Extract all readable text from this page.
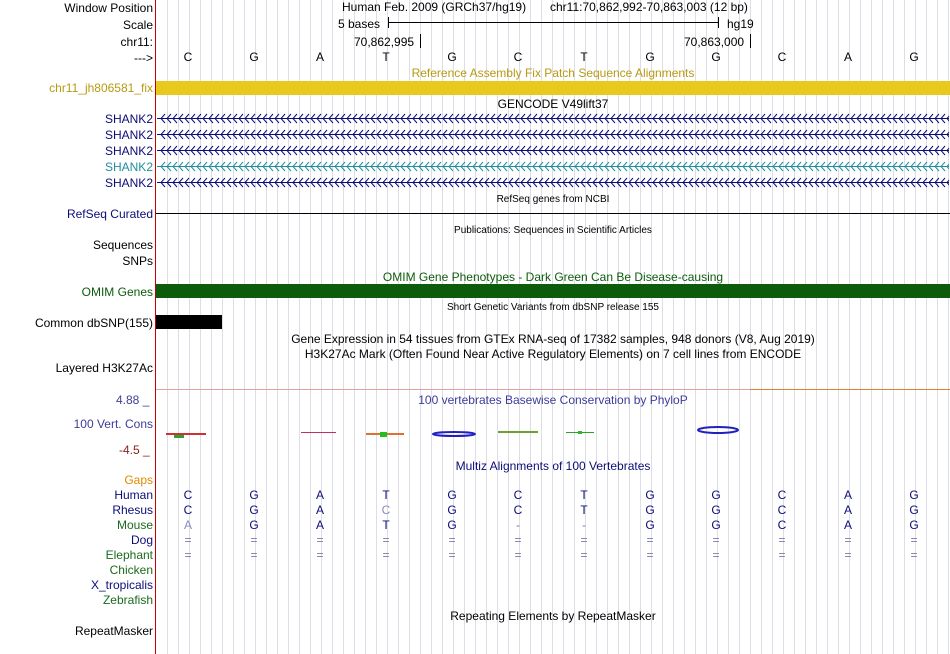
Window Position
Scale
chr11:
--->
Human Feb. 2009 (GRCh37/hg19) chr11:70,862,992-70,863,003 (12 bp)
5 bases	hg19
70,862,995	70,863,000
C	G	A	T	G	C	T	G	G	C	A	G
Reference Assembly Fix Patch Sequence Alignments
chr11_jh806581_fix
GENCODE V49lift37
SHANK2
SHANK2
SHANK2
SHANK2
SHANK2
RefSeq genes from NCBI
RefSeq Curated
Publications: Sequences in Scientific Articles
Sequences
SNPs
OMIM Gene Phenotypes - Dark Green Can Be Disease-causing
OMIM Genes
Short Genetic Variants from dbSNP release 155
Common dbSNP(155)
Gene Expression in 54 tissues from GTEx RNA-seq of 17382 samples, 948 donors (V8, Aug 2019)
H3K27Ac Mark (Often Found Near Active Regulatory Elements) on 7 cell lines from ENCODE
Layered H3K27Ac
4.88 _	100 vertebrates Basewise Conservation by PhyloP
100 Vert. Cons
-4.5 _
Multiz Alignments of 100 Vertebrates
Gaps
Human	C	G	A	T	G	C	T	G	G	C	A	G
Rhesus	C	G	A	C	G	C	T	G	G	C	A	G
Mouse	A	G	A	T	G	-	-	G	G	C	A	G
Dog	=	=	=	=	=	=	=	=	=	=	=	=
Elephant	=	=	=	=	=	=	=	=	=	=	=	=
Chicken
X_tropicalis
Zebrafish
Repeating Elements by RepeatMasker
RepeatMasker
